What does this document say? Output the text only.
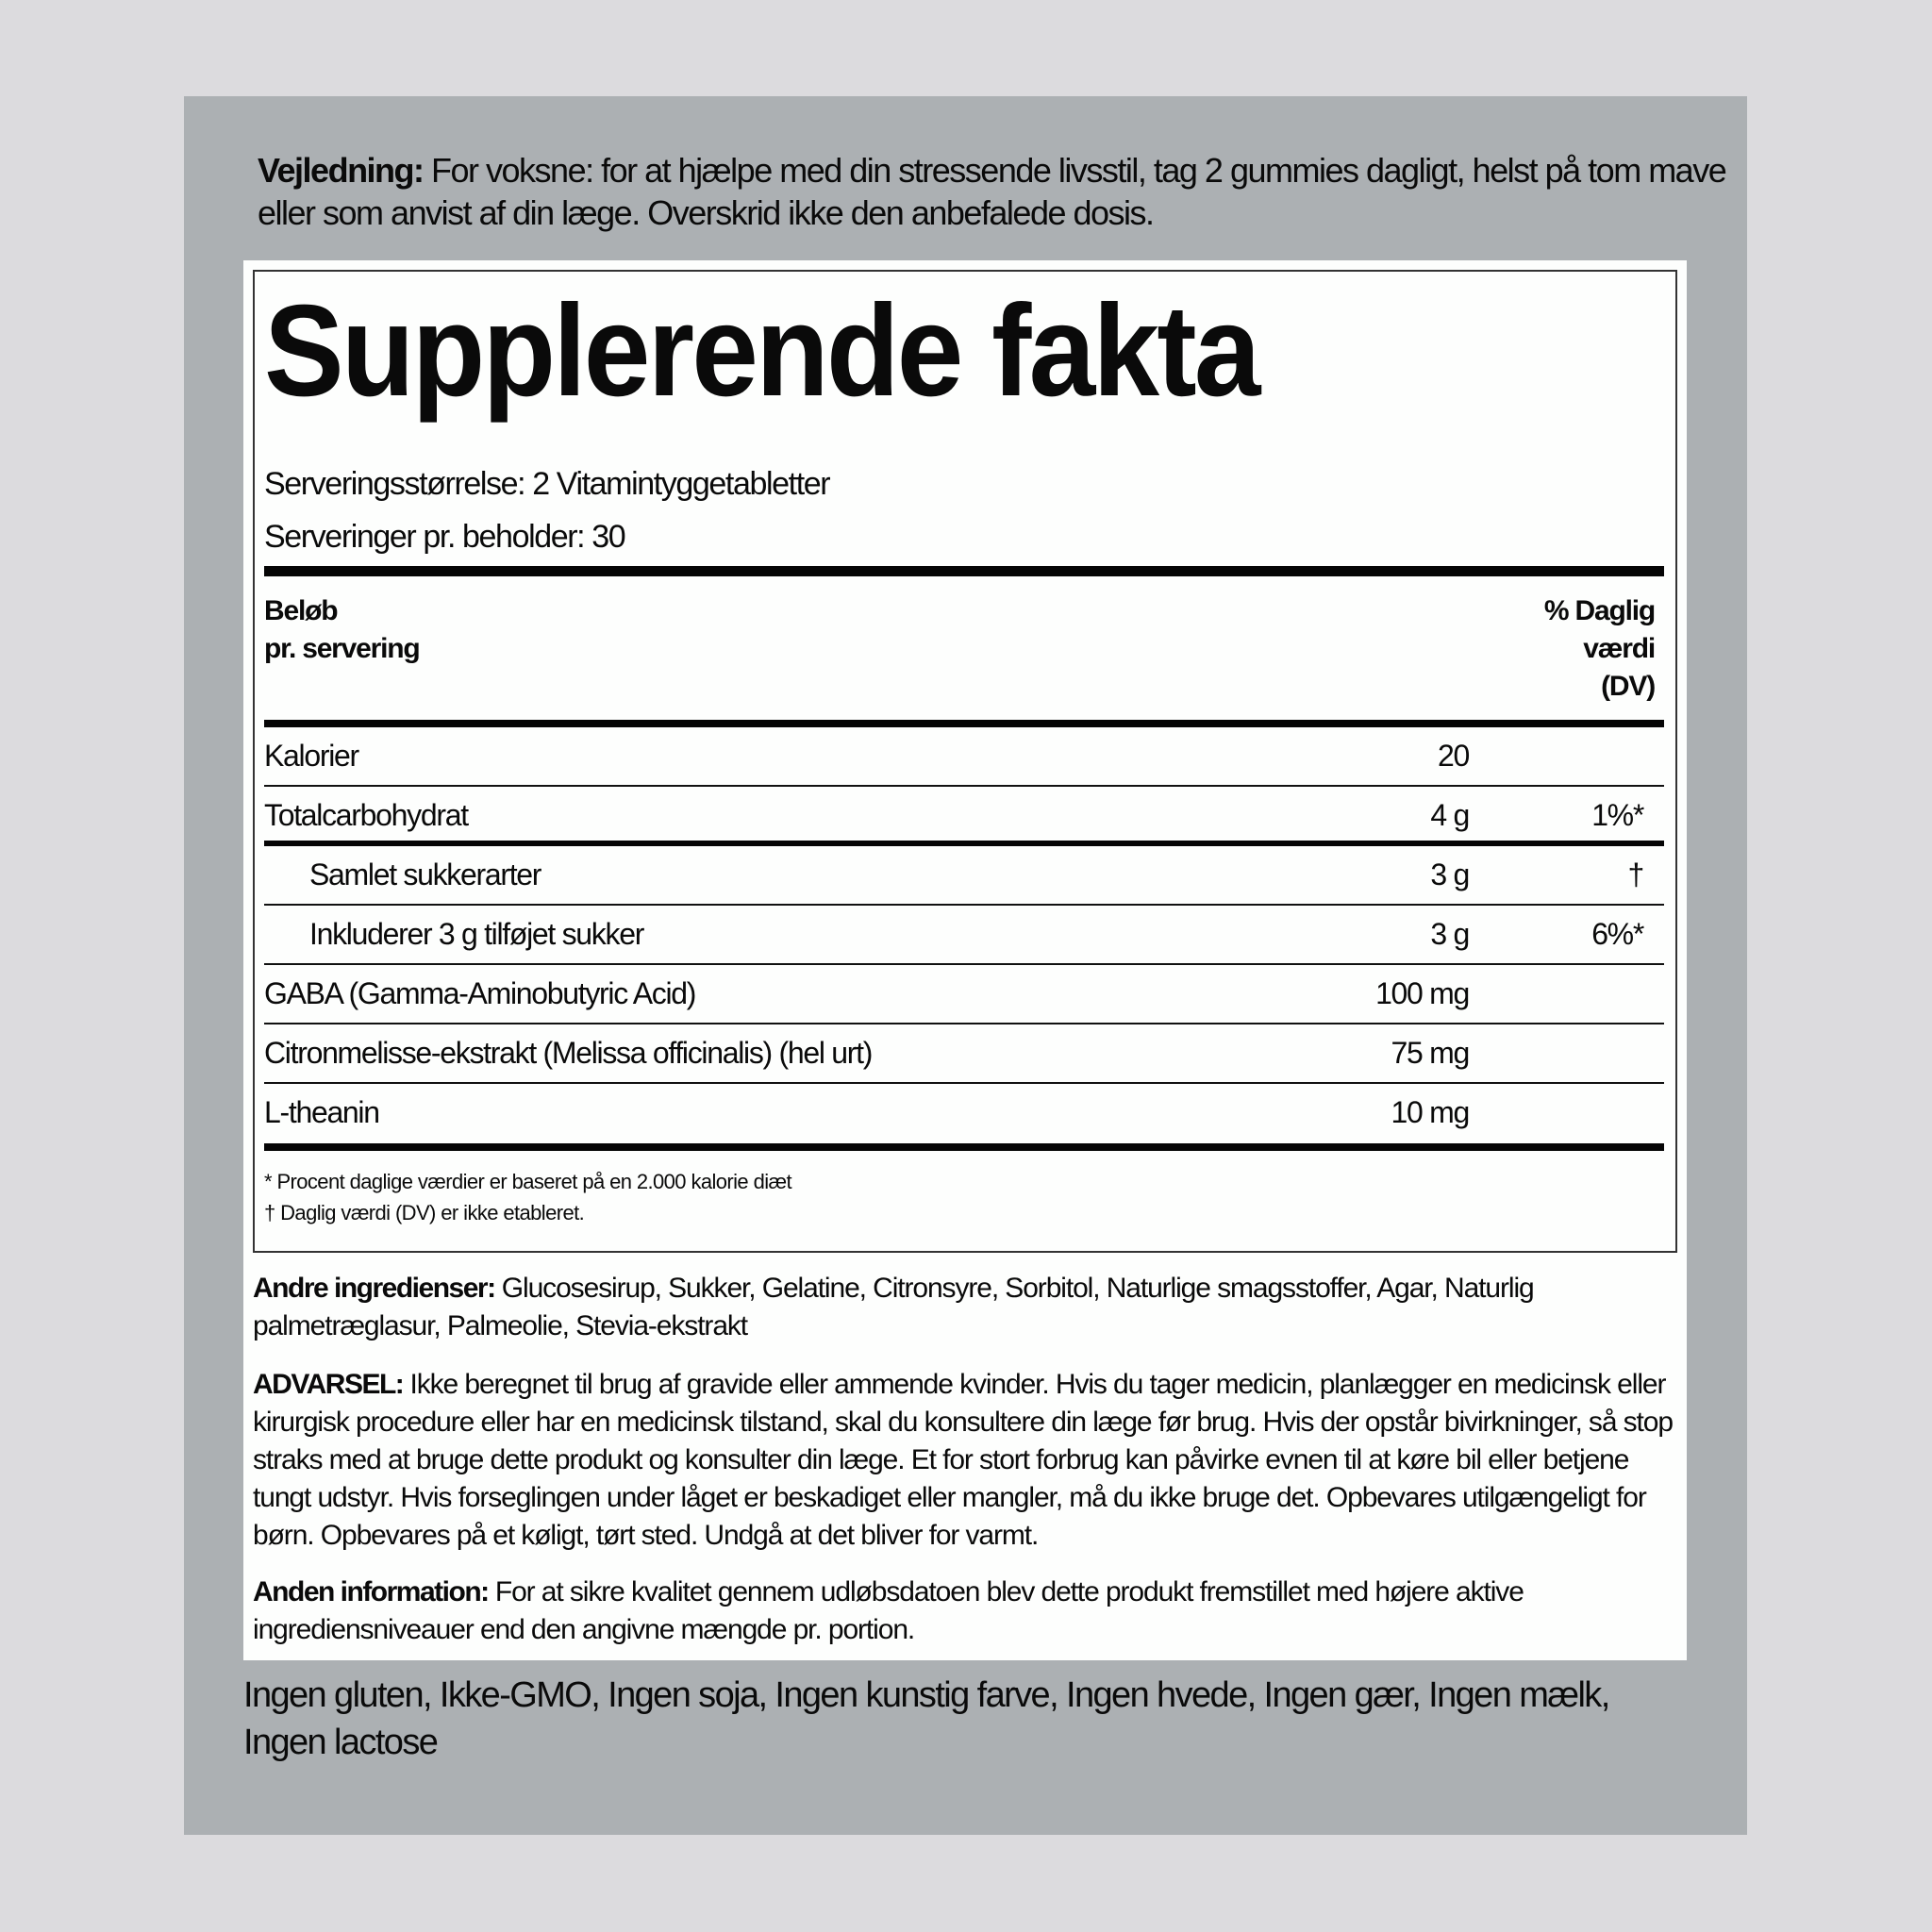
Vejledning: For voksne: for at hjælpe med din stressende livsstil, tag 2 gummies dagligt, helst på tom mave eller som anvist af din læge. Overskrid ikke den anbefalede dosis.
Supplerende fakta
Serveringsstørrelse: 2 Vitamintyggetabletter
Serveringer pr. beholder: 30
Beløb
pr. servering
% Daglig
værdi
(DV)
Kalorier	20
Totalcarbohydrat	4 g	1%*
Samlet sukkerarter	3 g	†
Inkluderer 3 g tilføjet sukker	3 g	6%*
GABA (Gamma-Aminobutyric Acid)	100 mg
Citronmelisse-ekstrakt (Melissa officinalis) (hel urt)	75 mg
L-theanin	10 mg
* Procent daglige værdier er baseret på en 2.000 kalorie diæt
† Daglig værdi (DV) er ikke etableret.
Andre ingredienser: Glucosesirup, Sukker, Gelatine, Citronsyre, Sorbitol, Naturlige smagsstoffer, Agar, Naturlig palmetræglasur, Palmeolie, Stevia-ekstrakt
ADVARSEL: Ikke beregnet til brug af gravide eller ammende kvinder. Hvis du tager medicin, planlægger en medicinsk eller kirurgisk procedure eller har en medicinsk tilstand, skal du konsultere din læge før brug. Hvis der opstår bivirkninger, så stop straks med at bruge dette produkt og konsulter din læge. Et for stort forbrug kan påvirke evnen til at køre bil eller betjene tungt udstyr. Hvis forseglingen under låget er beskadiget eller mangler, må du ikke bruge det. Opbevares utilgængeligt for børn. Opbevares på et køligt, tørt sted. Undgå at det bliver for varmt.
Anden information: For at sikre kvalitet gennem udløbsdatoen blev dette produkt fremstillet med højere aktive ingrediensniveauer end den angivne mængde pr. portion.
Ingen gluten, Ikke-GMO, Ingen soja, Ingen kunstig farve, Ingen hvede, Ingen gær, Ingen mælk, Ingen lactose
